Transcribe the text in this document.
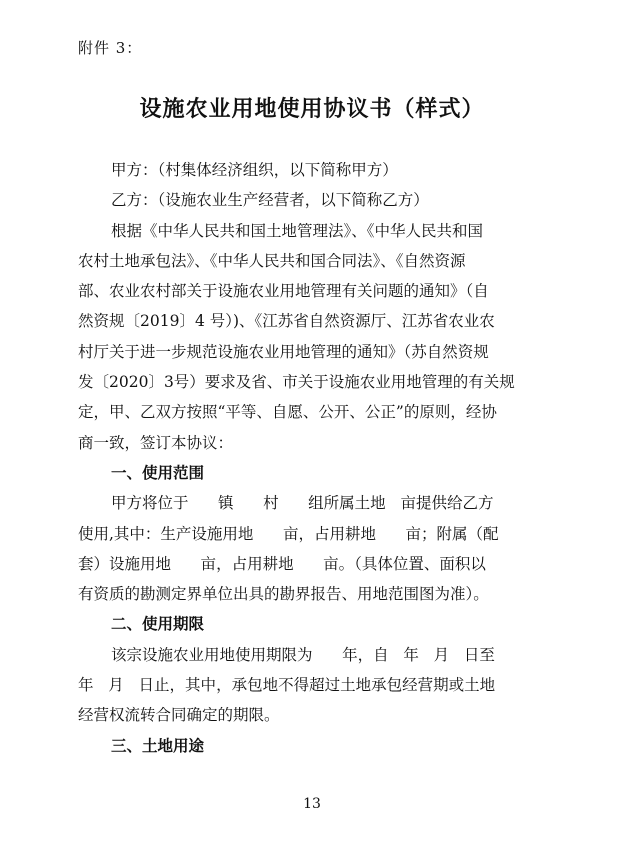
附件 3：
设施农业用地使用协议书（样式）
甲方：（村集体经济组织，以下简称甲方）
乙方：（设施农业生产经营者，以下简称乙方）
根据《中华人民共和国土地管理法》、《中华人民共和国
农村土地承包法》、《中华人民共和国合同法》、《自然资源
部、农业农村部关于设施农业用地管理有关问题的通知》（自
然资规〔2019〕4 号）)、《江苏省自然资源厅、江苏省农业农
村厅关于进一步规范设施农业用地管理的通知》（苏自然资规
发〔2020〕3号）要求及省、市关于设施农业用地管理的有关规
定，甲、乙双方按照“平等、自愿、公开、公正”的原则，经协
商一致，签订本协议：
一、使用范围
甲方将位于      镇      村      组所属土地   亩提供给乙方
使用,其中：生产设施用地      亩，占用耕地      亩；附属（配
套）设施用地      亩，占用耕地      亩。（具体位置、面积以
有资质的勘测定界单位出具的勘界报告、用地范围图为准）。
二、使用期限
该宗设施农业用地使用期限为      年，自   年   月   日至
年   月   日止，其中，承包地不得超过土地承包经营期或土地
经营权流转合同确定的期限。
三、土地用途
13
